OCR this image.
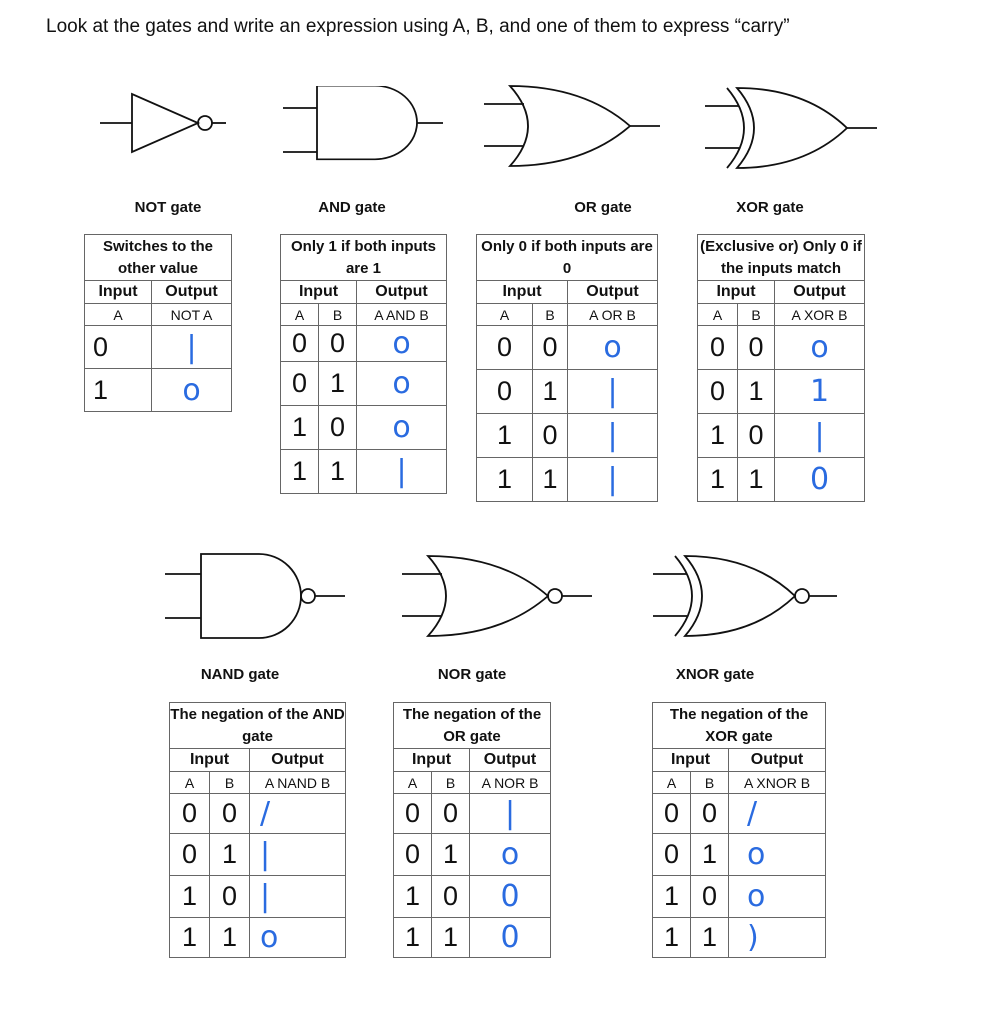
Look at the gates and write an expression using A, B, and one of them to express “carry”
NOT gate	AND gate	OR gate	XOR gate
NAND gate	NOR gate	XNOR gate
Switches to the other value	
Input	Output
A	NOT A
0	|
1	o
Only 1 if both inputs are 1		
Input		Output
A	B	A AND B
0	0	o
0	1	o
1	0	o
1	1	|
Only 0 if both inputs are 0		
Input		Output
A	B	A OR B
0	0	o
0	1	|
1	0	|
1	1	|
(Exclusive or) Only 0 if the inputs match		
Input		Output
A	B	A XOR B
0	0	o
0	1	1
1	0	|
1	1	0
The negation of the AND gate		
Input		Output
A	B	A NAND B
0	0	/
0	1	|
1	0	|
1	1	o
The negation of the OR gate		
Input		Output
A	B	A NOR B
0	0	|
0	1	o
1	0	0
1	1	0
The negation of the XOR gate		
Input		Output
A	B	A XNOR B
0	0	/
0	1	o
1	0	o
1	1	)
